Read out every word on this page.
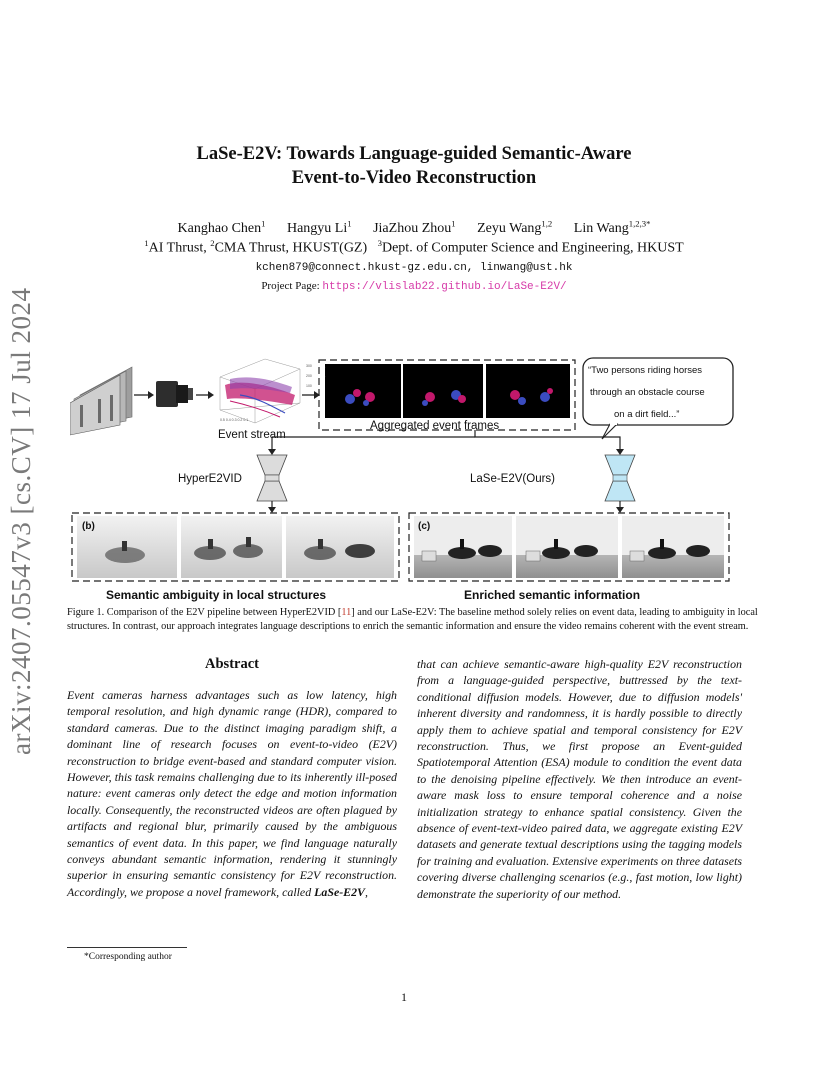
arXiv:2407.05547v3 [cs.CV] 17 Jul 2024
LaSe-E2V: Towards Language-guided Semantic-Aware
Event-to-Video Reconstruction
Kanghao Chen$^1$ Hangyu Li$^1$ JiaZhou Zhou$^1$ Zeyu Wang$^{1,2}$ Lin Wang$^{1,2,3*}$
$^1$AI Thrust, $^2$CMA Thrust, HKUST(GZ) $^3$Dept. of Computer Science and Engineering, HKUST
kchen879@connect.hkust-gz.edu.cn, linwang@ust.hk
Project Page: https://vlislab22.github.io/LaSe-E2V/
300
200
100
0.5 0.4 0.3 0.2 0.1
Event stream
(
Aggregated event frames
“Two persons riding horses
through an obstacle course
on a dirt field...”
HyperE2VID	LaSe-E2V(Ours)
(b)
Semantic ambiguity in local structures
(c)
Enriched semantic information
Figure 1. Comparison of the E2V pipeline between HyperE2VID [11] and our LaSe-E2V: The baseline method solely relies on event data, leading to ambiguity in local structures. In contrast, our approach integrates language descriptions to enrich the semantic information and ensure the video remains coherent with the event stream.
Abstract
Event cameras harness advantages such as low latency, high temporal resolution, and high dynamic range (HDR), compared to standard cameras. Due to the distinct imaging paradigm shift, a dominant line of research focuses on event-to-video (E2V) reconstruction to bridge event-based and standard computer vision. However, this task remains challenging due to its inherently ill-posed nature: event cameras only detect the edge and motion information locally. Consequently, the reconstructed videos are often plagued by artifacts and regional blur, primarily caused by the ambiguous semantics of event data. In this paper, we find language naturally conveys abundant semantic information, rendering it stunningly superior in ensuring semantic consistency for E2V reconstruction. Accordingly, we propose a novel framework, called LaSe-E2V,
that can achieve semantic-aware high-quality E2V reconstruction from a language-guided perspective, buttressed by the text-conditional diffusion models. However, due to diffusion models' inherent diversity and randomness, it is hardly possible to directly apply them to achieve spatial and temporal consistency for E2V reconstruction. Thus, we first propose an Event-guided Spatiotemporal Attention (ESA) module to condition the event data to the denoising pipeline effectively. We then introduce an event-aware mask loss to ensure temporal coherence and a noise initialization strategy to enhance spatial consistency. Given the absence of event-text-video paired data, we aggregate existing E2V datasets and generate textual descriptions using the tagging models for training and evaluation. Extensive experiments on three datasets covering diverse challenging scenarios (e.g., fast motion, low light) demonstrate the superiority of our method.
*Corresponding author
1
